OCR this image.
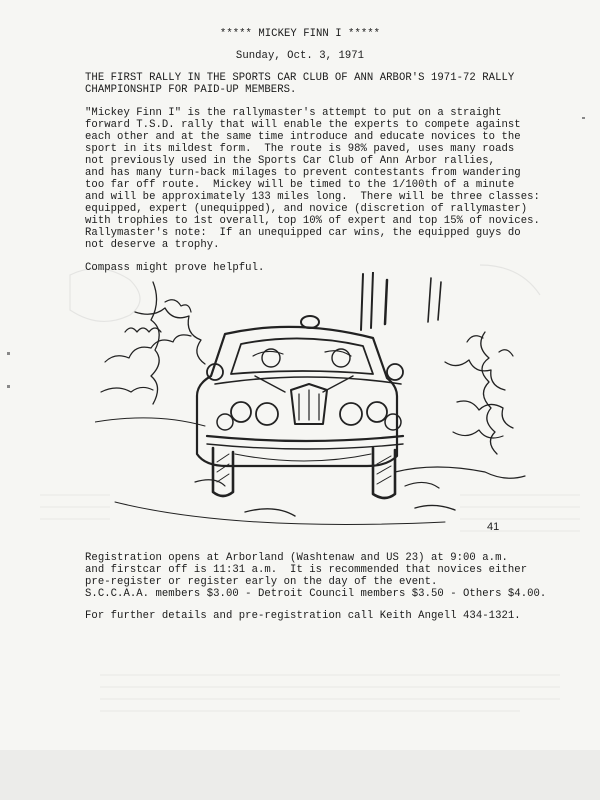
***** MICKEY FINN I *****
Sunday, Oct. 3, 1971
THE FIRST RALLY IN THE SPORTS CAR CLUB OF ANN ARBOR'S 1971-72 RALLY
CHAMPIONSHIP FOR PAID-UP MEMBERS.
"Mickey Finn I" is the rallymaster's attempt to put on a straight
forward T.S.D. rally that will enable the experts to compete against
each other and at the same time introduce and educate novices to the
sport in its mildest form.  The route is 98% paved, uses many roads
not previously used in the Sports Car Club of Ann Arbor rallies,
and has many turn-back milages to prevent contestants from wandering
too far off route.  Mickey will be timed to the 1/100th of a minute
and will be approximately 133 miles long.  There will be three classes:
equipped, expert (unequipped), and novice (discretion of rallymaster)
with trophies to 1st overall, top 10% of expert and top 15% of novices.
Rallymaster's note:  If an unequipped car wins, the equipped guys do
not deserve a trophy.
Compass might prove helpful.
41
Registration opens at Arborland (Washtenaw and US 23) at 9:00 a.m.
and firstcar off is 11:31 a.m.  It is recommended that novices either
pre-register or register early on the day of the event.
S.C.C.A.A. members $3.00 - Detroit Council members $3.50 - Others $4.00.
For further details and pre-registration call Keith Angell 434-1321.
